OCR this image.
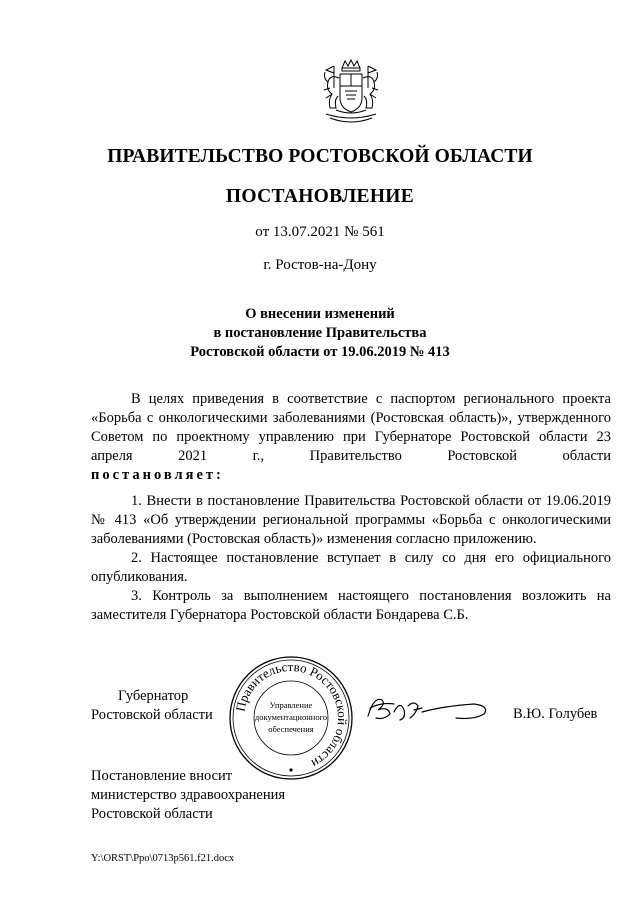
ПРАВИТЕЛЬСТВО РОСТОВСКОЙ ОБЛАСТИ
ПОСТАНОВЛЕНИЕ
от 13.07.2021 № 561
г. Ростов-на-Дону
О внесении изменений
в постановление Правительства
Ростовской области от 19.06.2019 № 413

В целях приведения в соответствие с паспортом регионального проекта «Борьба с онкологическими заболеваниями (Ростовская область)», утвержденного Советом по проектному управлению при Губернаторе Ростовской области 23 апреля 2021 г., Правительство Ростовской области

постановляет:

1. Внести в постановление Правительства Ростовской области от 19.06.2019 № 413 «Об утверждении региональной программы «Борьба с онкологическими заболеваниями (Ростовская область)» изменения согласно приложению.

2. Настоящее постановление вступает в силу со дня его официального опубликования.

3. Контроль за выполнением настоящего постановления возложить на заместителя Губернатора Ростовской области Бондарева С.Б.

Губернатор
Ростовской области
Правительство Ростовской области
Управление
документационного
обеспечения
В.Ю. Голубев
Постановление вносит
министерство здравоохранения
Ростовской области
Y:\ORST\Ppo\0713p561.f21.docx
